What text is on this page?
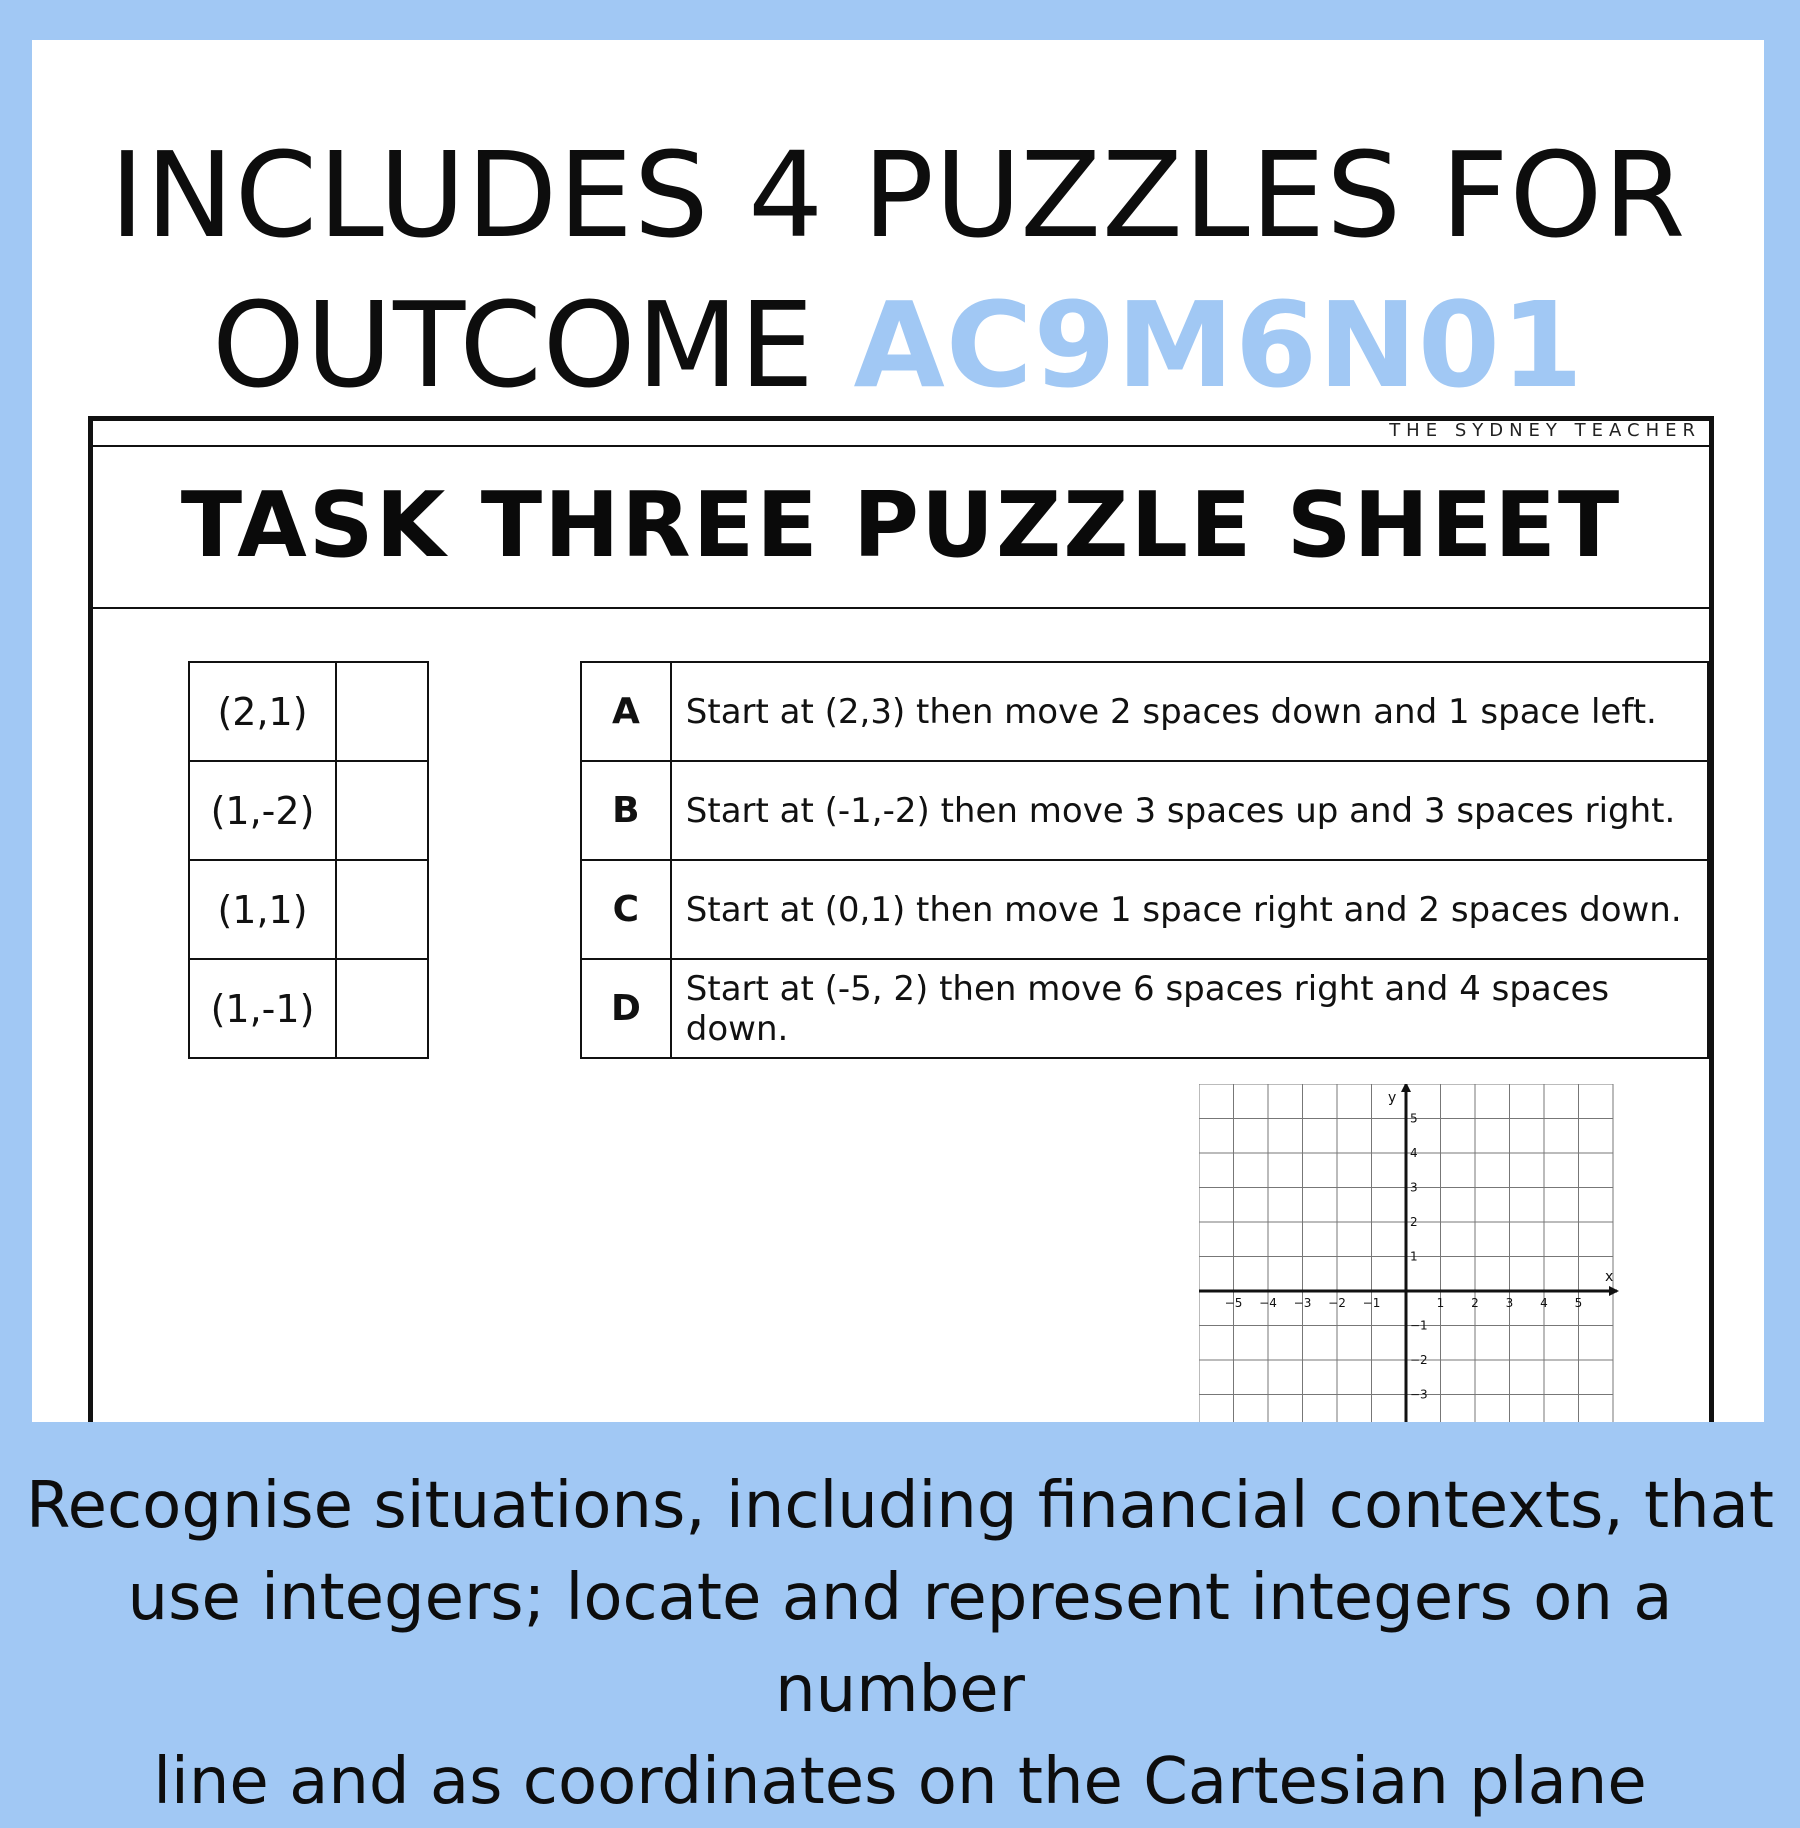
INCLUDES 4 PUZZLES FOR
OUTCOME AC9M6N01
THE SYDNEY TEACHER
TASK THREE PUZZLE SHEET
(2,1)	
(1,-2)	
(1,1)	
(1,-1)	
A	Start at (2,3) then move 2 spaces down and 1 space left.
B	Start at (-1,-2) then move 3 spaces up and 3 spaces right.
C	Start at (0,1) then move 1 space right and 2 spaces down.
D	Start at (-5, 2) then move 6 spaces right and 4 spaces down.
x
y
−5 −4 −3 −2 −1	1 2 3 4 5
5
4
3
2
1
−1
−2
−3
Recognise situations, including financial contexts, that
use integers; locate and represent integers on a number
line and as coordinates on the Cartesian plane
